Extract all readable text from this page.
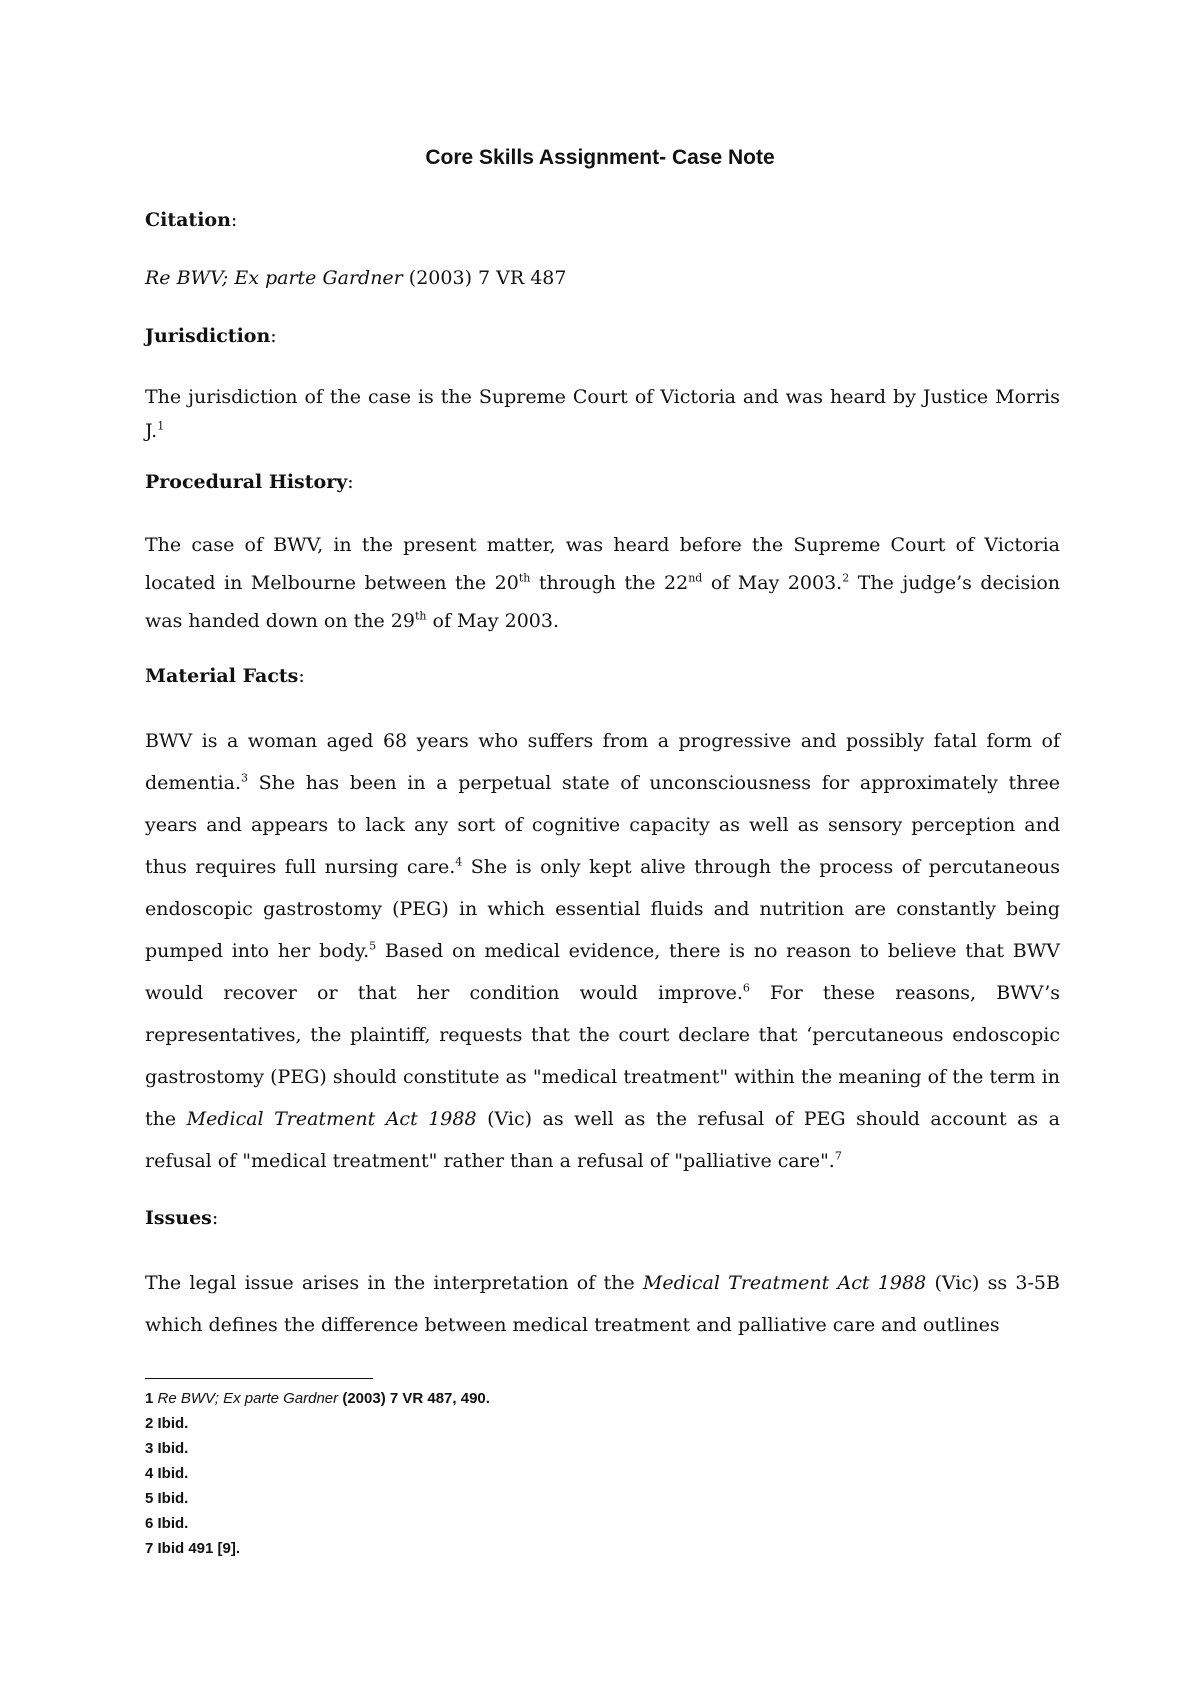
Core Skills Assignment- Case Note
Citation:
Re BWV; Ex parte Gardner (2003) 7 VR 487
Jurisdiction:
The jurisdiction of the case is the Supreme Court of Victoria and was heard by Justice Morris J.$^1$
Procedural History:
The case of BWV, in the present matter, was heard before the Supreme Court of Victoria located in Melbourne between the 20th through the 22nd of May 2003.$^2$ The judge’s decision was handed down on the 29th of May 2003.
Material Facts:
BWV is a woman aged 68 years who suffers from a progressive and possibly fatal form of dementia.$^3$ She has been in a perpetual state of unconsciousness for approximately three years and appears to lack any sort of cognitive capacity as well as sensory perception and thus requires full nursing care.$^4$ She is only kept alive through the process of percutaneous endoscopic gastrostomy (PEG) in which essential fluids and nutrition are constantly being pumped into her body.$^5$ Based on medical evidence, there is no reason to believe that BWV would recover or that her condition would improve.$^6$ For these reasons, BWV’s representatives, the plaintiff, requests that the court declare that ‘percutaneous endoscopic gastrostomy (PEG) should constitute as "medical treatment" within the meaning of the term in the Medical Treatment Act 1988 (Vic) as well as the refusal of PEG should account as a refusal of "medical treatment" rather than a refusal of "palliative care".$^7$
Issues:
The legal issue arises in the interpretation of the Medical Treatment Act 1988 (Vic) ss 3-5B which defines the difference between medical treatment and palliative care and outlines
1 Re BWV; Ex parte Gardner (2003) 7 VR 487, 490.
2 Ibid.
3 Ibid.
4 Ibid.
5 Ibid.
6 Ibid.
7 Ibid 491 [9].
